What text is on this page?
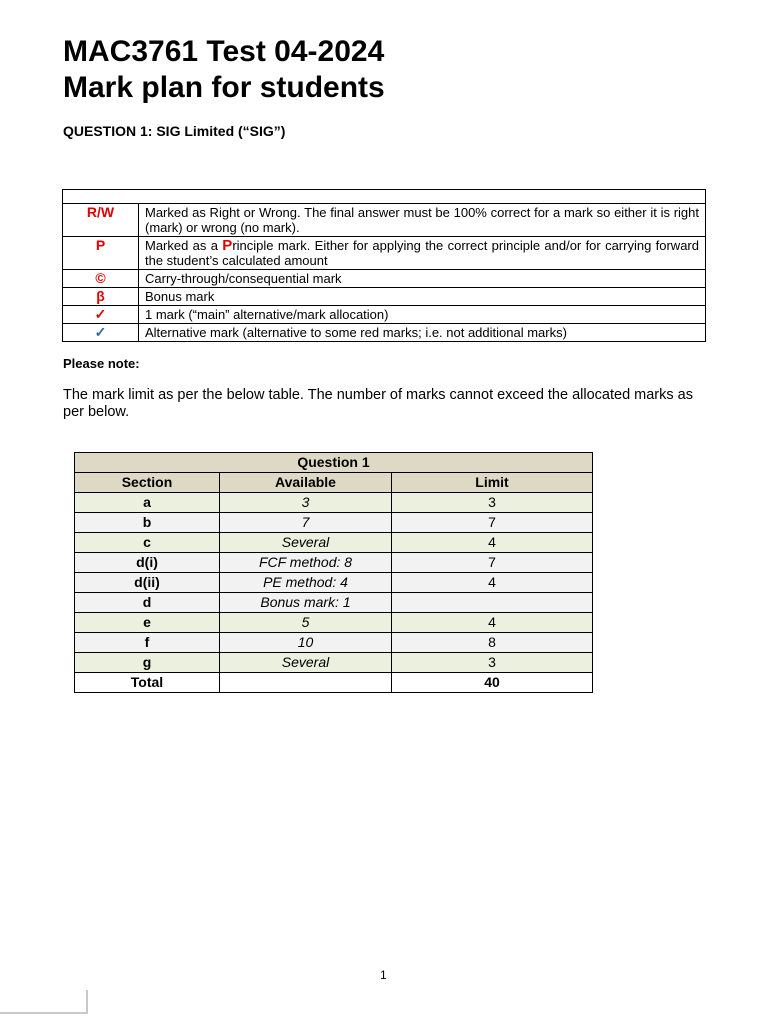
MAC3761 Test 04-2024
Mark plan for students
QUESTION 1: SIG Limited (“SIG”)

R/W	Marked as Right or Wrong. The final answer must be 100% correct for a mark so either it is right (mark) or wrong (no mark).
P	Marked as a Principle mark. Either for applying the correct principle and/or for carrying forward the student’s calculated amount
©	Carry-through/consequential mark
β	Bonus mark
✓	1 mark (“main” alternative/mark allocation)
✓	Alternative mark (alternative to some red marks; i.e. not additional marks)
Please note:
The mark limit as per the below table. The number of marks cannot exceed the allocated marks as per below.
Question 1		
Section	Available	Limit
a	3	3
b	7	7
c	Several	4
d(i)	FCF method: 8	7
d(ii)	PE method: 4	4
d	Bonus mark: 1	
e	5	4
f	10	8
g	Several	3
Total		40
1
